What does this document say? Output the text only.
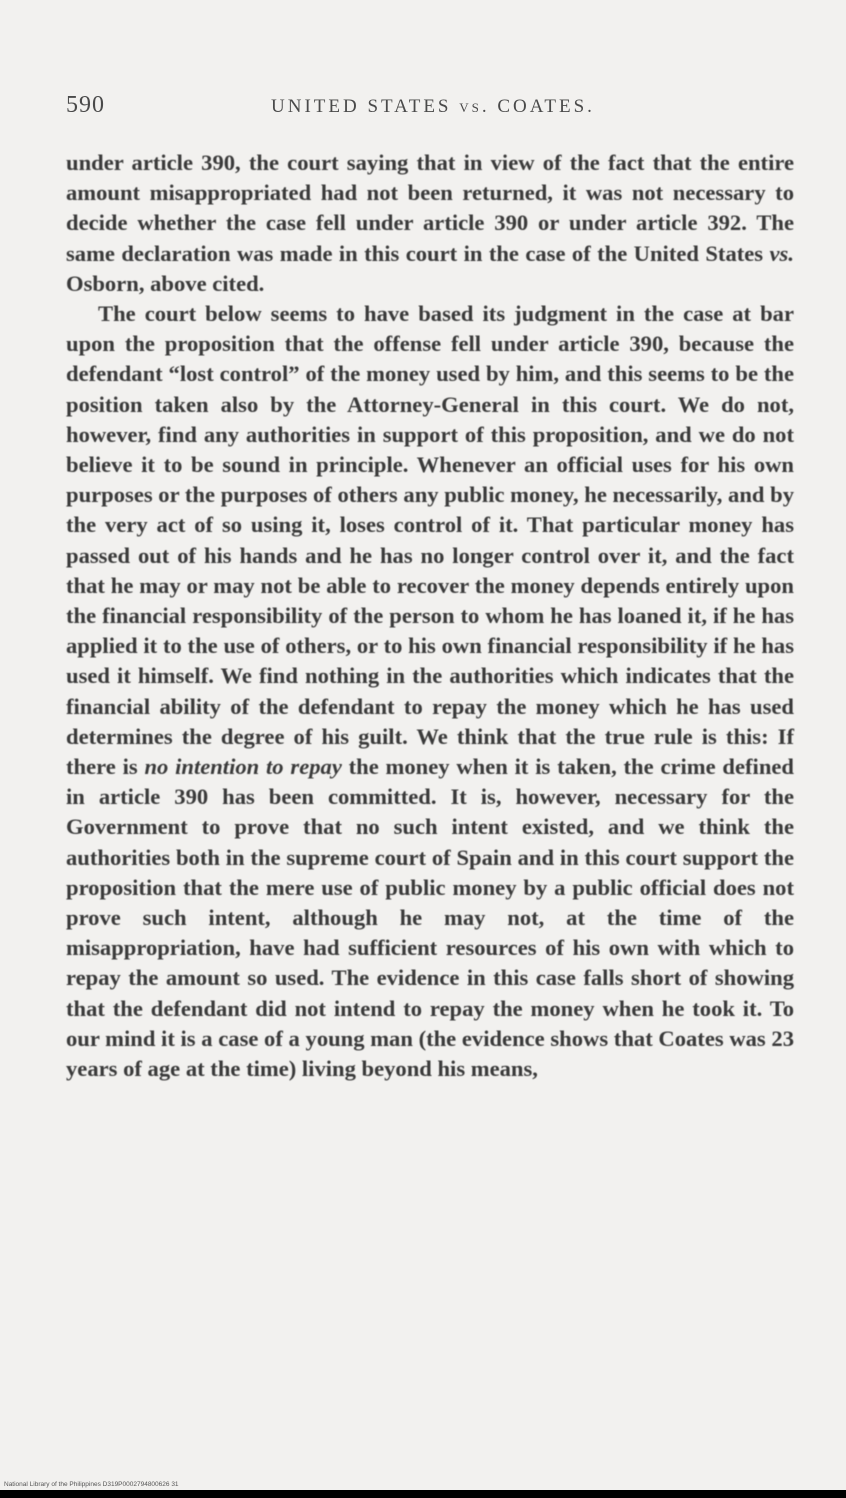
590	UNITED STATES vs. COATES.

under article 390, the court saying that in view of the fact that the entire amount misappropriated had not been returned, it was not necessary to decide whether the case fell under article 390 or under article 392. The same declaration was made in this court in the case of the United States vs. Osborn, above cited.

The court below seems to have based its judgment in the case at bar upon the proposition that the offense fell under article 390, because the defendant “lost control” of the money used by him, and this seems to be the position taken also by the Attorney-General in this court. We do not, however, find any authorities in support of this proposition, and we do not believe it to be sound in principle. Whenever an official uses for his own purposes or the purposes of others any public money, he necessarily, and by the very act of so using it, loses control of it. That particular money has passed out of his hands and he has no longer control over it, and the fact that he may or may not be able to recover the money depends entirely upon the financial responsibility of the person to whom he has loaned it, if he has applied it to the use of others, or to his own financial responsibility if he has used it himself. We find nothing in the authorities which indicates that the financial ability of the defendant to repay the money which he has used determines the degree of his guilt. We think that the true rule is this: If there is no intention to repay the money when it is taken, the crime defined in article 390 has been committed. It is, however, necessary for the Government to prove that no such intent existed, and we think the authorities both in the supreme court of Spain and in this court support the proposition that the mere use of public money by a public official does not prove such intent, although he may not, at the time of the misappropriation, have had sufficient resources of his own with which to repay the amount so used. The evidence in this case falls short of showing that the defendant did not intend to repay the money when he took it. To our mind it is a case of a young man (the evidence shows that Coates was 23 years of age at the time) living beyond his means,

National Library of the Philippines D319P0002794800626 31
